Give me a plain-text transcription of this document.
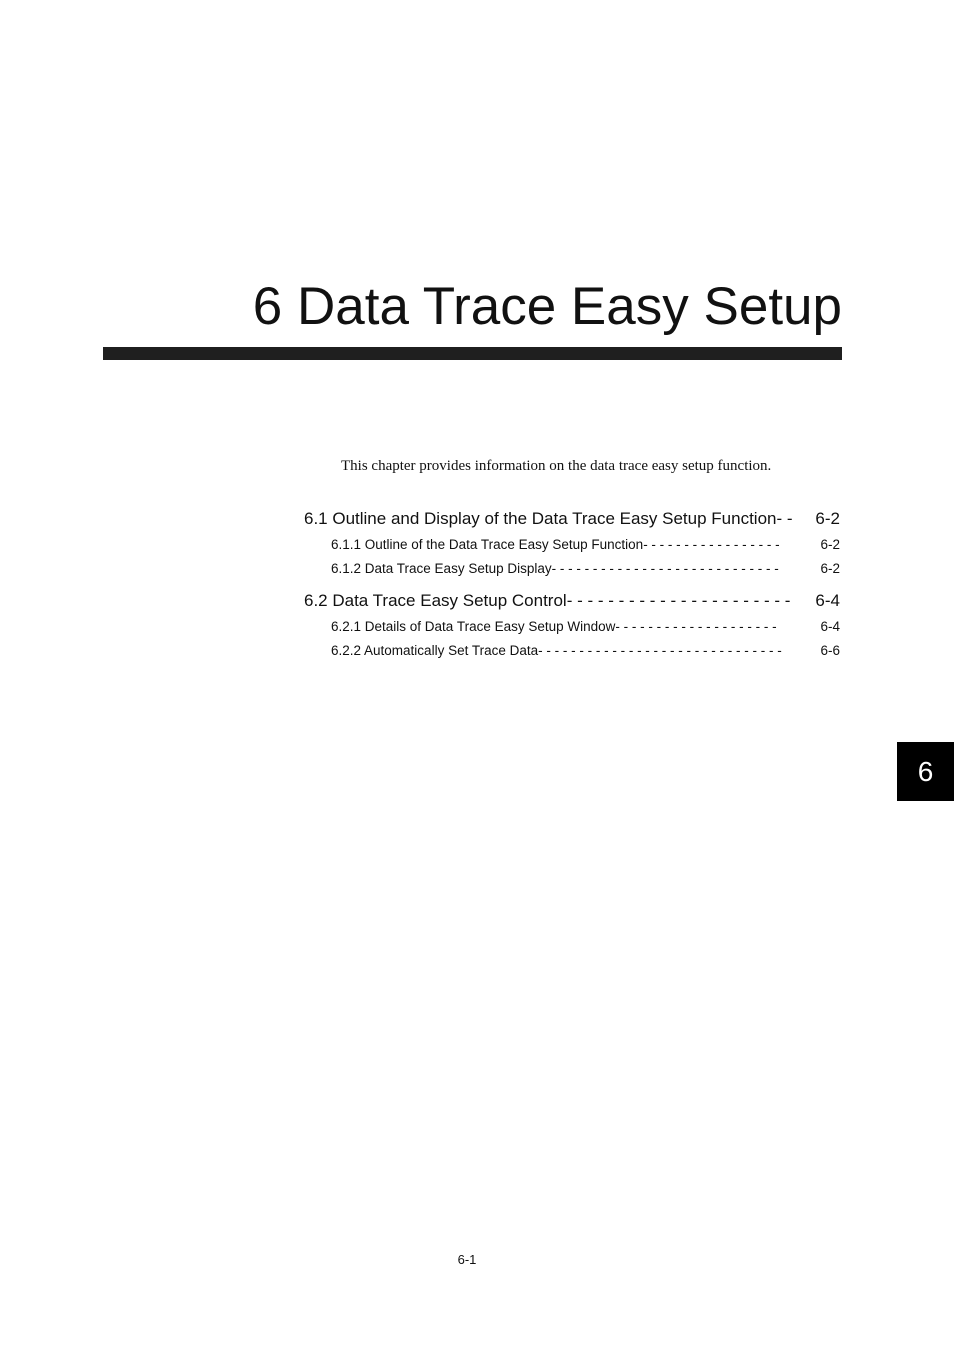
6 Data Trace Easy Setup
This chapter provides information on the data trace easy setup function.
6.1 Outline and Display of the Data Trace Easy Setup Function - -	6-2
6.1.1 Outline of the Data Trace Easy Setup Function - - - - - - - - - - - - - - - - -	6-2
6.1.2 Data Trace Easy Setup Display - - - - - - - - - - - - - - - - - - - - - - - - - - - -	6-2
6.2 Data Trace Easy Setup Control - - - - - - - - - - - - - - - - - - - - - -	6-4
6.2.1 Details of Data Trace Easy Setup Window - - - - - - - - - - - - - - - - - - - -	6-4
6.2.2 Automatically Set Trace Data - - - - - - - - - - - - - - - - - - - - - - - - - - - - - -	6-6
6
6-1
